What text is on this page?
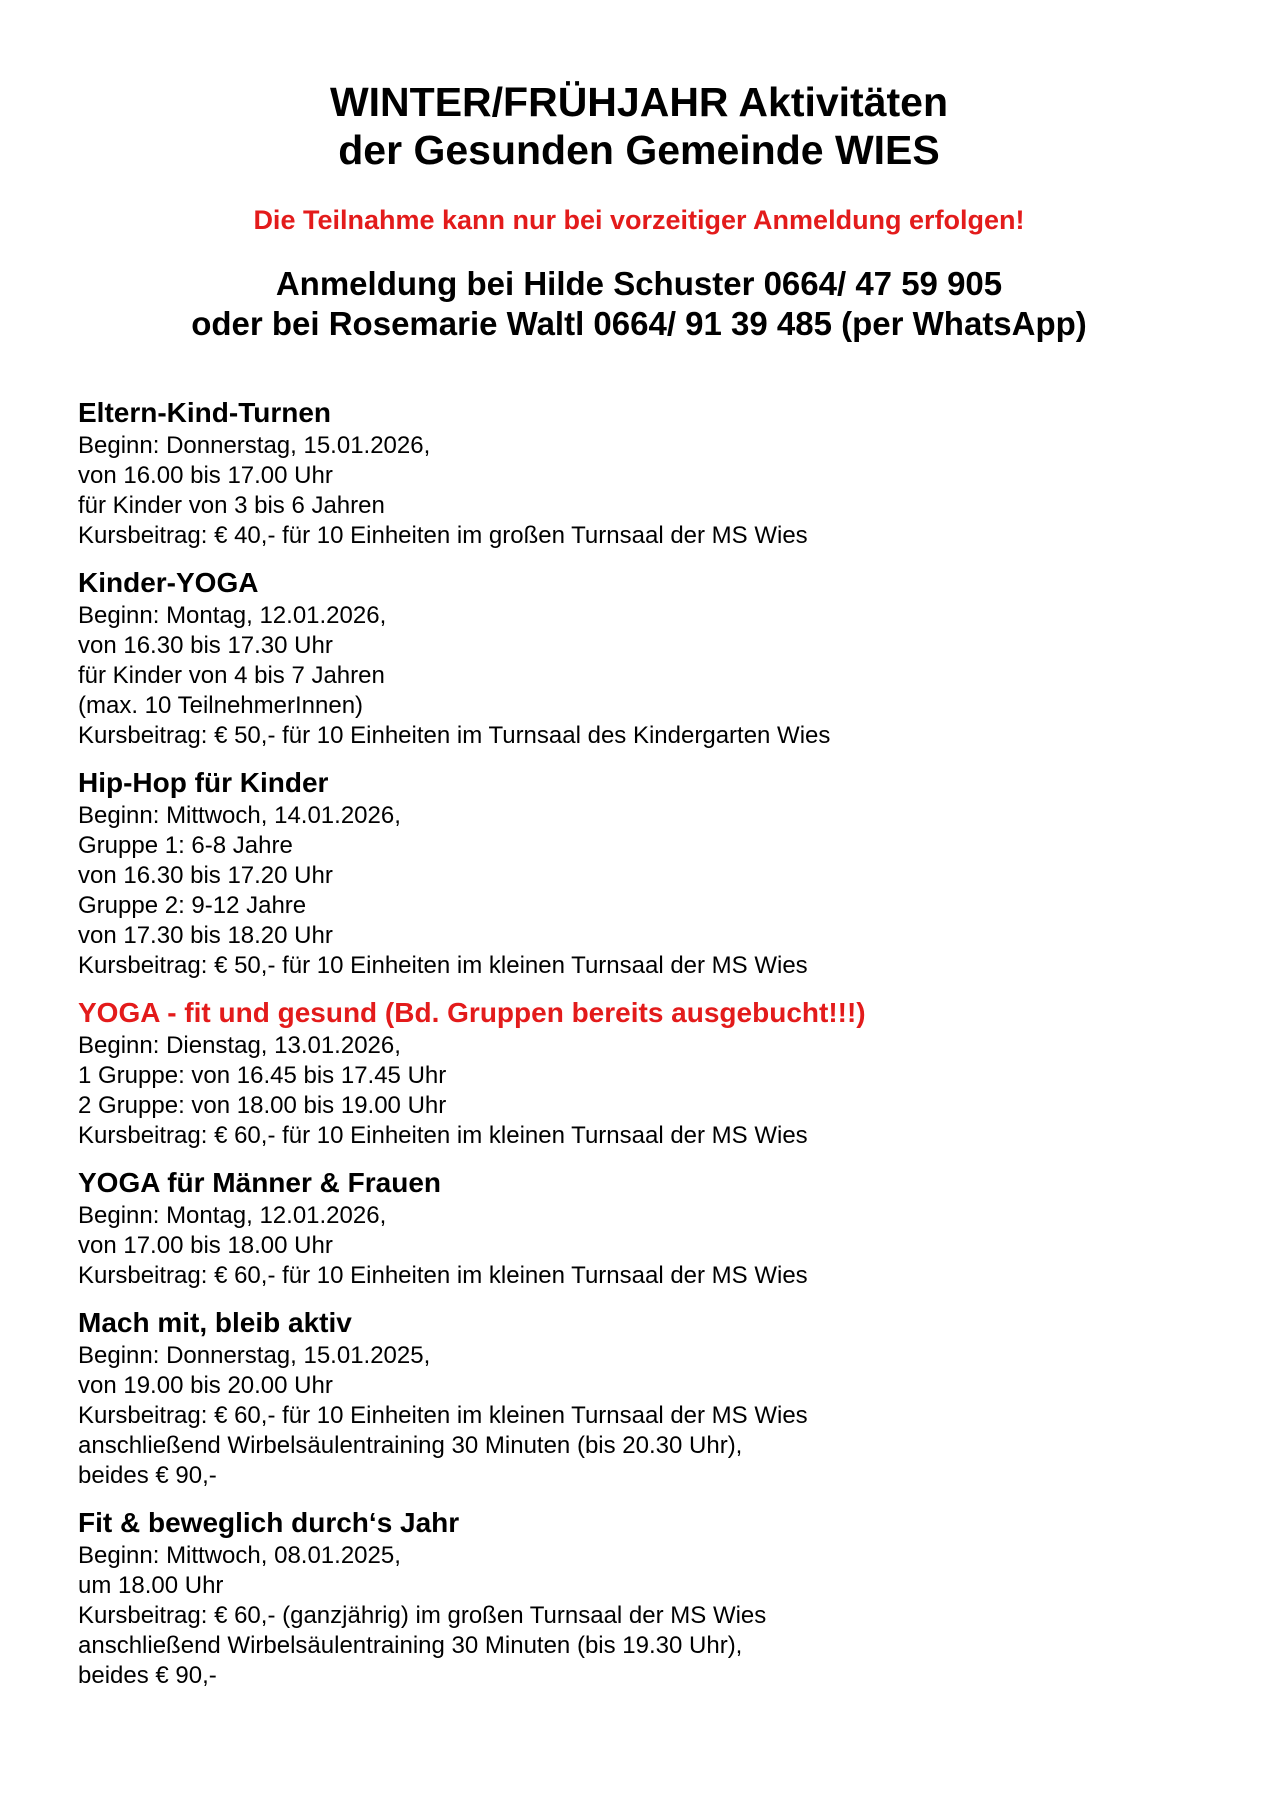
WINTER/FRÜHJAHR Aktivitäten
der Gesunden Gemeinde WIES
Die Teilnahme kann nur bei vorzeitiger Anmeldung erfolgen!
Anmeldung bei Hilde Schuster 0664/ 47 59 905
oder bei Rosemarie Waltl 0664/ 91 39 485 (per WhatsApp)
Eltern-Kind-Turnen
Beginn: Donnerstag, 15.01.2026,
von 16.00 bis 17.00 Uhr
für Kinder von 3 bis 6 Jahren
Kursbeitrag: € 40,- für 10 Einheiten im großen Turnsaal der MS Wies
Kinder-YOGA
Beginn: Montag, 12.01.2026,
von 16.30 bis 17.30 Uhr
für Kinder von 4 bis 7 Jahren
(max. 10 TeilnehmerInnen)
Kursbeitrag: € 50,- für 10 Einheiten im Turnsaal des Kindergarten Wies
Hip-Hop für Kinder
Beginn: Mittwoch, 14.01.2026,
Gruppe 1: 6-8 Jahre
von 16.30 bis 17.20 Uhr
Gruppe 2: 9-12 Jahre
von 17.30 bis 18.20 Uhr
Kursbeitrag: € 50,- für 10 Einheiten im kleinen Turnsaal der MS Wies
YOGA - fit und gesund (Bd. Gruppen bereits ausgebucht!!!)
Beginn: Dienstag, 13.01.2026,
1 Gruppe: von 16.45 bis 17.45 Uhr
2 Gruppe: von 18.00 bis 19.00 Uhr
Kursbeitrag: € 60,- für 10 Einheiten im kleinen Turnsaal der MS Wies
YOGA für Männer & Frauen
Beginn: Montag, 12.01.2026,
von 17.00 bis 18.00 Uhr
Kursbeitrag: € 60,- für 10 Einheiten im kleinen Turnsaal der MS Wies
Mach mit, bleib aktiv
Beginn: Donnerstag, 15.01.2025,
von 19.00 bis 20.00 Uhr
Kursbeitrag: € 60,- für 10 Einheiten im kleinen Turnsaal der MS Wies
anschließend Wirbelsäulentraining 30 Minuten (bis 20.30 Uhr),
beides € 90,-
Fit & beweglich durch‘s Jahr
Beginn: Mittwoch, 08.01.2025,
um 18.00 Uhr
Kursbeitrag: € 60,- (ganzjährig) im großen Turnsaal der MS Wies
anschließend Wirbelsäulentraining 30 Minuten (bis 19.30 Uhr),
beides € 90,-
